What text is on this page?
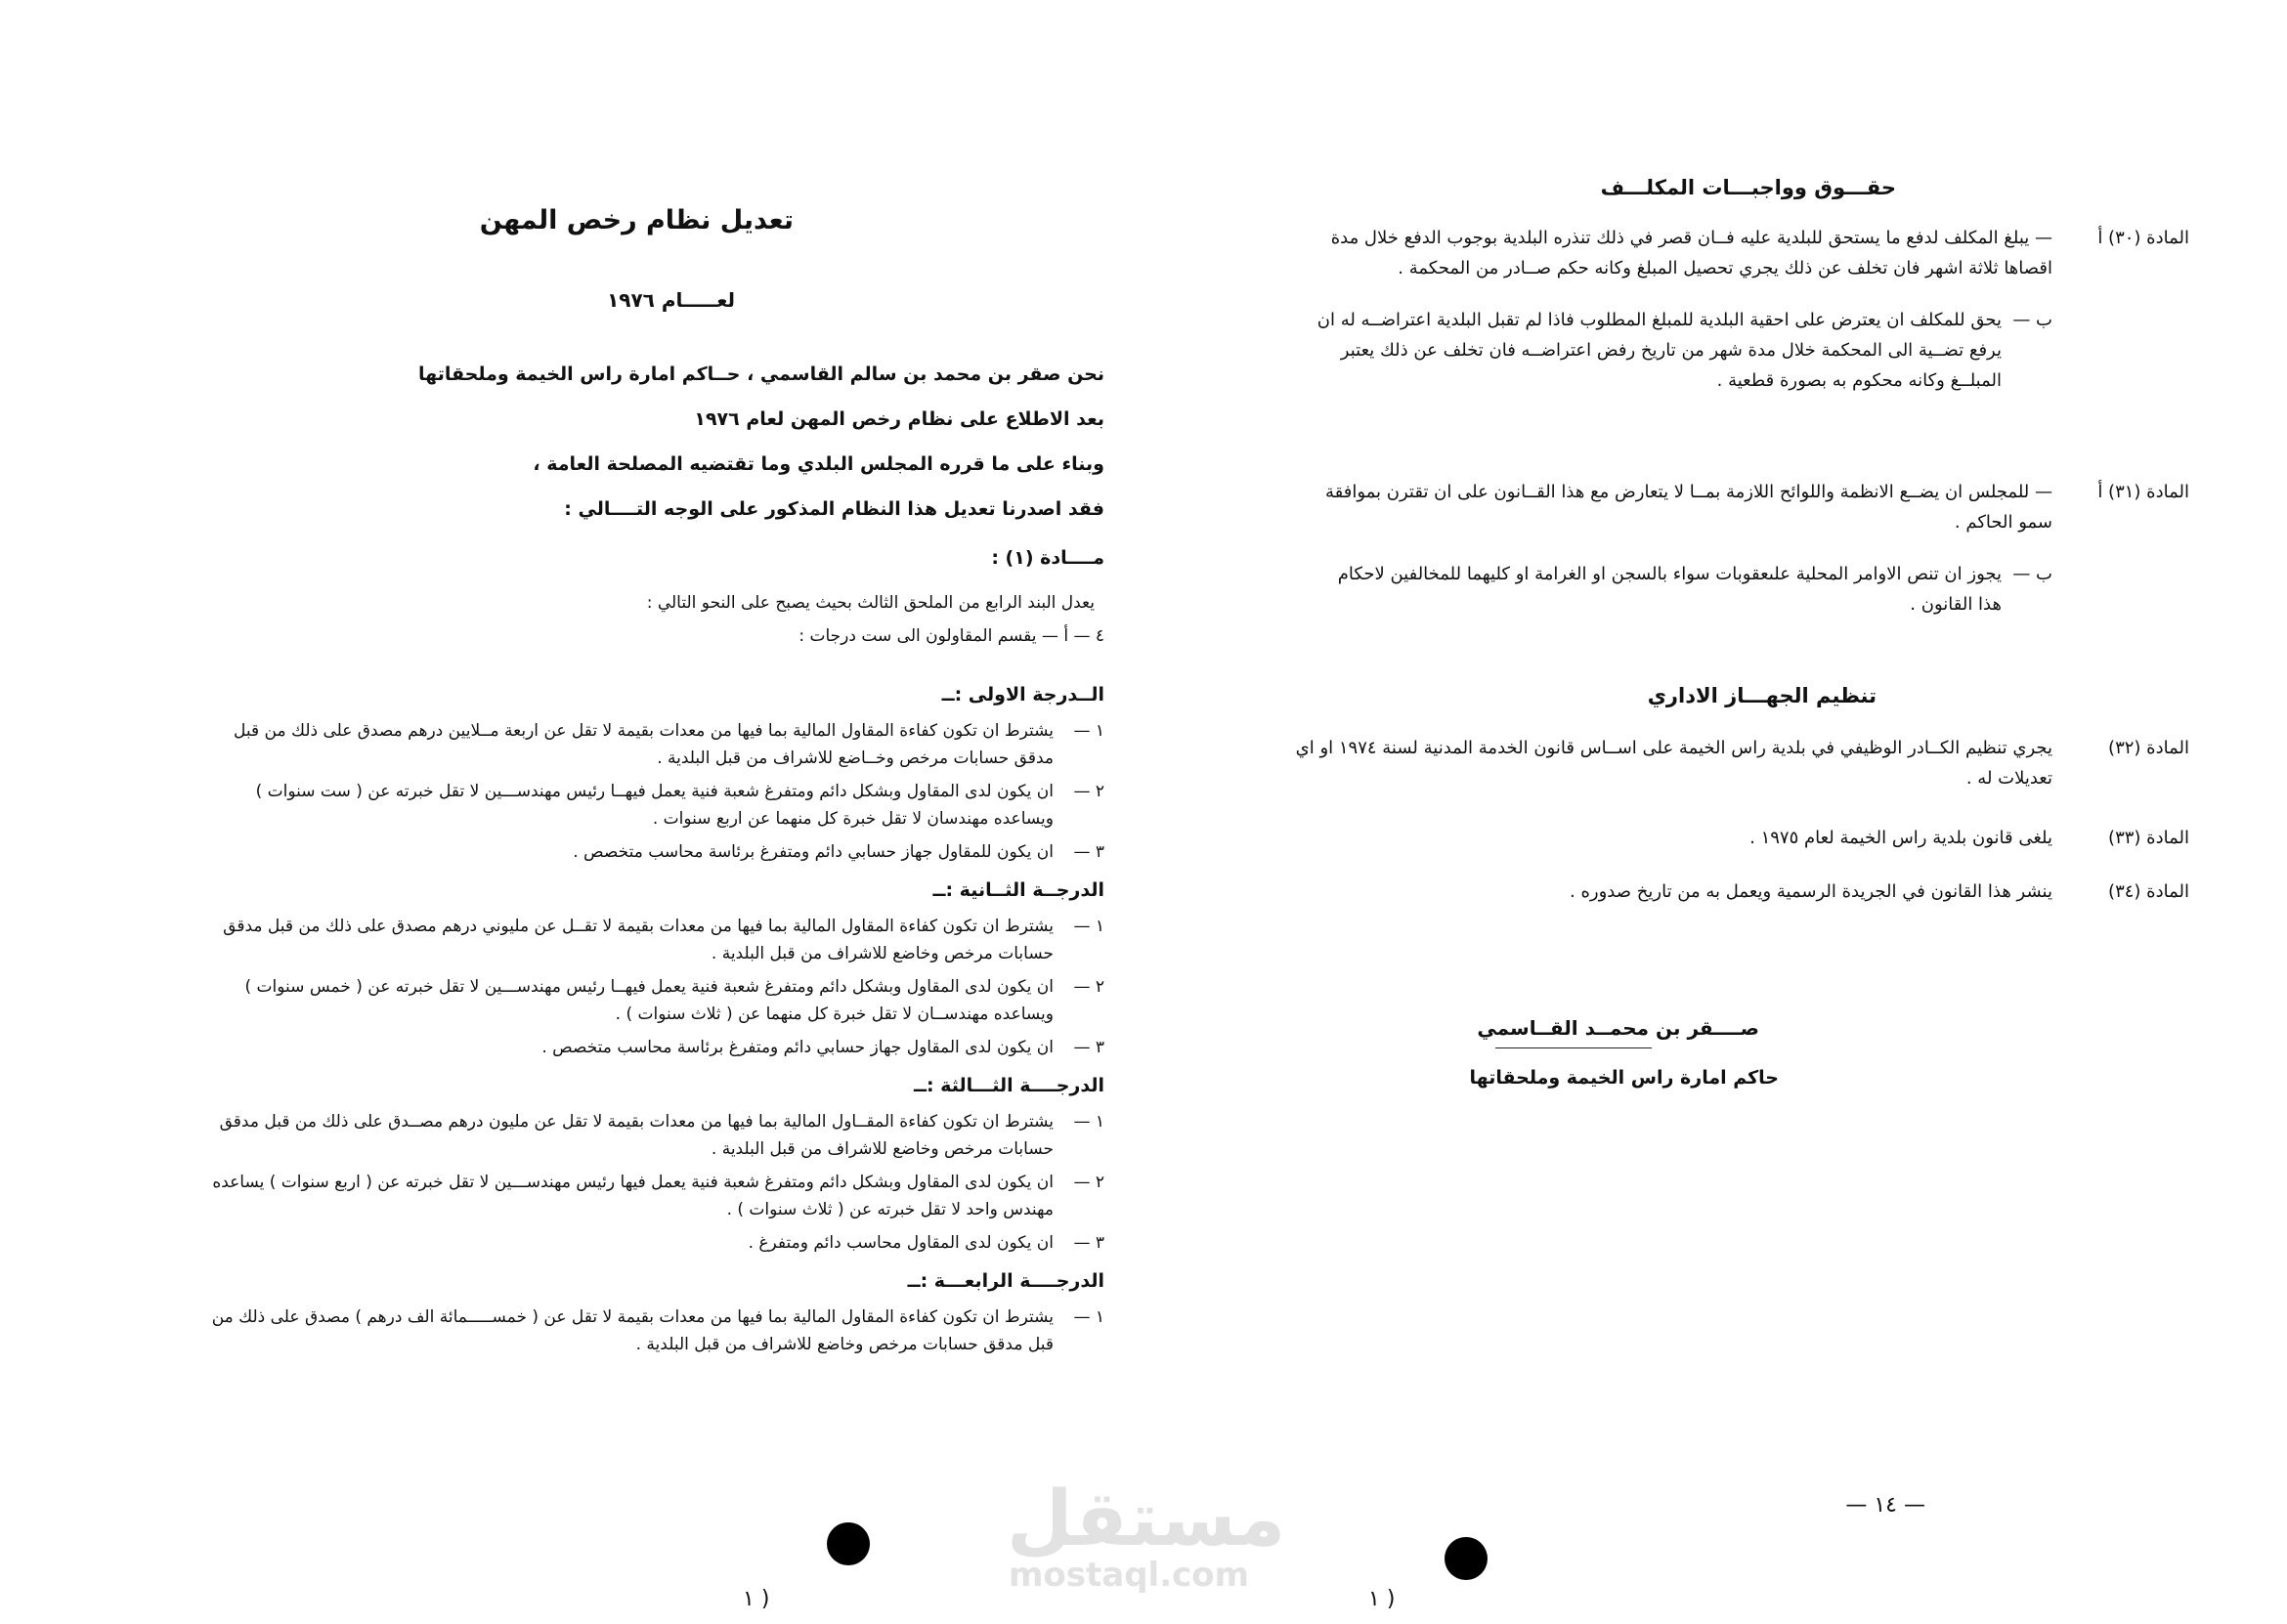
حقـــوق وواجبـــات المكلـــف
المادة (٣٠) أ
— يبلغ المكلف لدفع ما يستحق للبلدية عليه فــان قصر في ذلك تنذره البلدية بوجوب الدفع خلال مدة اقصاها ثلاثة اشهر فان تخلف عن ذلك يجري تحصيل المبلغ وكانه حكم صــادر من المحكمة .
ب —
يحق للمكلف ان يعترض على احقية البلدية للمبلغ المطلوب فاذا لم تقبل البلدية اعتراضــه له ان يرفع تضــية الى المحكمة خلال مدة شهر من تاريخ رفض اعتراضــه فان تخلف عن ذلك يعتبر المبلــغ وكانه محكوم به بصورة قطعية .
المادة (٣١) أ
— للمجلس ان يضــع الانظمة واللوائح اللازمة بمــا لا يتعارض مع هذا القــانون على ان تقترن بموافقة سمو الحاكم .
ب —
يجوز ان تنص الاوامر المحلية علىعقوبات سواء بالسجن او الغرامة او كليهما للمخالفين لاحكام هذا القانون .
تنظيم الجهـــاز الاداري
المادة (٣٢)
يجري تنظيم الكــادر الوظيفي في بلدية راس الخيمة على اســاس قانون الخدمة المدنية لسنة ١٩٧٤ او اي تعديلات له .
المادة (٣٣)
يلغى قانون بلدية راس الخيمة لعام ١٩٧٥ .
المادة (٣٤)
ينشر هذا القانون في الجريدة الرسمية ويعمل به من تاريخ صدوره .
صــــقر بن محمــد القــاسمي
حاكم امارة راس الخيمة وملحقاتها
— ١٤ —
( ١
تعديل نظام رخص المهن
لعـــــام ١٩٧٦
نحن صقر بن محمد بن سالم القاسمي ، حــاكم امارة راس الخيمة وملحقاتها
بعد الاطلاع على نظام رخص المهن لعام ١٩٧٦
وبناء على ما قرره المجلس البلدي وما تقتضيه المصلحة العامة ،
فقد اصدرنا تعديل هذا النظام المذكور على الوجه التــــالي :
مــــادة (١) :
يعدل البند الرابع من الملحق الثالث بحيث يصبح على النحو التالي :
٤ — أ — يقسم المقاولون الى ست درجات :
الــدرجة الاولى :ــ
١ —
يشترط ان تكون كفاءة المقاول المالية بما فيها من معدات بقيمة لا تقل عن اربعة مــلايين درهم مصدق على ذلك من قبل مدقق حسابات مرخص وخــاضع للاشراف من قبل البلدية .
٢ —
ان يكون لدى المقاول وبشكل دائم ومتفرغ شعبة فنية يعمل فيهــا رئيس مهندســـين لا تقل خبرته عن ( ست سنوات ) ويساعده مهندسان لا تقل خبرة كل منهما عن اربع سنوات .
٣ —
ان يكون للمقاول جهاز حسابي دائم ومتفرغ برئاسة محاسب متخصص .
الدرجــة الثــانية :ــ
١ —
يشترط ان تكون كفاءة المقاول المالية بما فيها من معدات بقيمة لا تقــل عن مليوني درهم مصدق على ذلك من قبل مدقق حسابات مرخص وخاضع للاشراف من قبل البلدية .
٢ —
ان يكون لدى المقاول وبشكل دائم ومتفرغ شعبة فنية يعمل فيهــا رئيس مهندســـين لا تقل خبرته عن ( خمس سنوات ) ويساعده مهندســان لا تقل خبرة كل منهما عن ( ثلاث سنوات ) .
٣ —
ان يكون لدى المقاول جهاز حسابي دائم ومتفرغ برئاسة محاسب متخصص .
الدرجــــة الثـــالثة :ــ
١ —
يشترط ان تكون كفاءة المقــاول المالية بما فيها من معدات بقيمة لا تقل عن مليون درهم مصــدق على ذلك من قبل مدقق حسابات مرخص وخاضع للاشراف من قبل البلدية .
٢ —
ان يكون لدى المقاول وبشكل دائم ومتفرغ شعبة فنية يعمل فيها رئيس مهندســـين لا تقل خبرته عن ( اربع سنوات ) يساعده مهندس واحد لا تقل خبرته عن ( ثلاث سنوات ) .
٣ —
ان يكون لدى المقاول محاسب دائم ومتفرغ .
الدرجــــة الرابعـــة :ــ
١ —
يشترط ان تكون كفاءة المقاول المالية بما فيها من معدات بقيمة لا تقل عن ( خمســـــمائة الف درهم ) مصدق على ذلك من قبل مدقق حسابات مرخص وخاضع للاشراف من قبل البلدية .
( ١
مستقل
mostaql.com
